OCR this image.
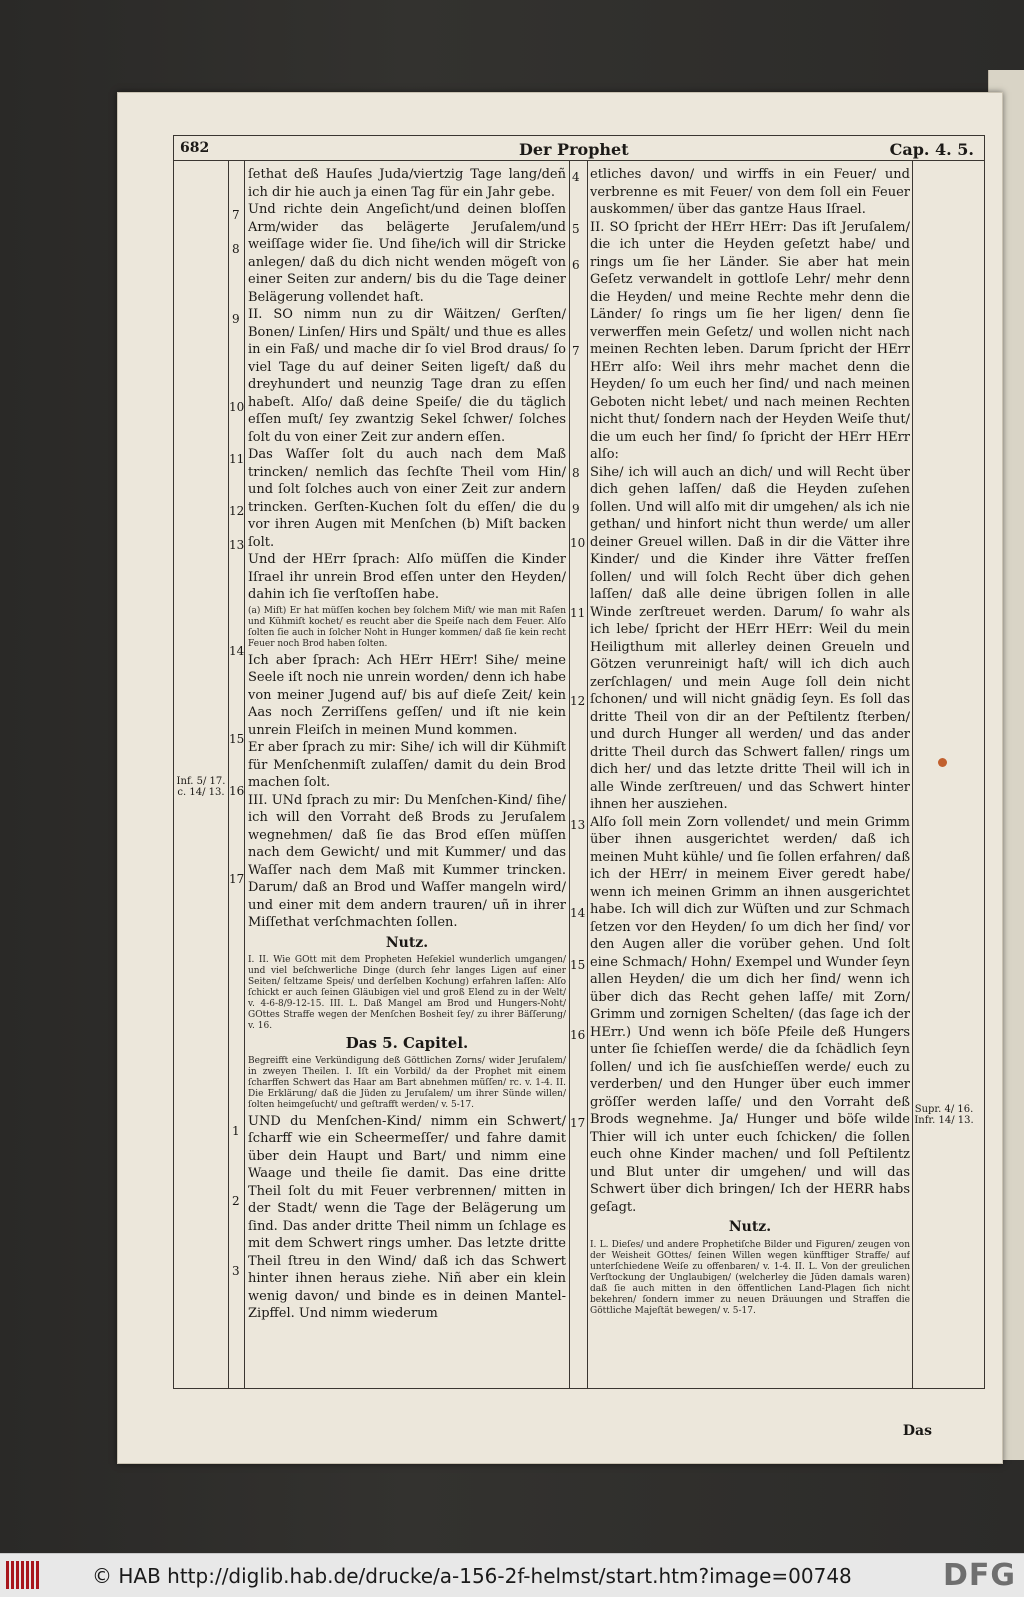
682	Der Prophet	Cap. 4. 5.
Inf. 5/ 17. c. 14/ 13.
Supr. 4/ 16. Infr. 14/ 13.
7
8
9
10
11
12
13
14
15
16
17
1
2
3
4
5
6
7
8
9
10
11
12
13
14
15
16
17

ſethat deß Hauſes Juda/viertzig Tage lang/deñ ich dir hie auch ja einen Tag für ein Jahr gebe.

Und richte dein Angeſicht/und deinen bloſſen Arm/wider das belägerte Jeruſalem/und weiſſage wider ſie. Und ſihe/ich will dir Stricke anlegen/ daß du dich nicht wenden mögeſt von einer Seiten zur andern/ bis du die Tage deiner Belägerung vollendet haſt.

II. SO nimm nun zu dir Wäitzen/ Gerſten/ Bonen/ Linſen/ Hirs und Spält/ und thue es alles in ein Faß/ und mache dir ſo viel Brod draus/ ſo viel Tage du auf deiner Seiten ligeſt/ daß du dreyhundert und neunzig Tage dran zu eſſen habeſt. Alſo/ daß deine Speiſe/ die du täglich eſſen muſt/ ſey zwantzig Sekel ſchwer/ ſolches ſolt du von einer Zeit zur andern eſſen.

Das Waſſer ſolt du auch nach dem Maß trincken/ nemlich das ſechſte Theil vom Hin/ und ſolt ſolches auch von einer Zeit zur andern trincken. Gerſten-Kuchen ſolt du eſſen/ die du vor ihren Augen mit Menſchen (b) Miſt backen ſolt.

Und der HErr ſprach: Alſo müſſen die Kinder Iſrael ihr unrein Brod eſſen unter den Heyden/ dahin ich ſie verſtoſſen habe.

(a) Miſt) Er hat müſſen kochen bey ſolchem Miſt/ wie man mit Raſen und Kühmiſt kochet/ es reucht aber die Speiſe nach dem Feuer. Alſo ſolten ſie auch in ſolcher Noht in Hunger kommen/ daß ſie kein recht Feuer noch Brod haben ſolten.

Ich aber ſprach: Ach HErr HErr! Sihe/ meine Seele iſt noch nie unrein worden/ denn ich habe von meiner Jugend auf/ bis auf dieſe Zeit/ kein Aas noch Zerriſſens geſſen/ und iſt nie kein unrein Fleiſch in meinen Mund kommen.

Er aber ſprach zu mir: Sihe/ ich will dir Kühmiſt für Menſchenmiſt zulaſſen/ damit du dein Brod machen ſolt.

III. UNd ſprach zu mir: Du Menſchen-Kind/ ſihe/ ich will den Vorraht deß Brods zu Jeruſalem wegnehmen/ daß ſie das Brod eſſen müſſen nach dem Gewicht/ und mit Kummer/ und das Waſſer nach dem Maß mit Kummer trincken. Darum/ daß an Brod und Waſſer mangeln wird/ und einer mit dem andern trauren/ uñ in ihrer Miſſethat verſchmachten ſollen.

Nutz.

I. II. Wie GOtt mit dem Propheten Heſekiel wunderlich umgangen/ und viel beſchwerliche Dinge (durch ſehr langes Ligen auf einer Seiten/ ſeltzame Speis/ und derſelben Kochung) erfahren laſſen: Alſo ſchickt er auch ſeinen Gläubigen viel und groß Elend zu in der Welt/ v. 4-6-8/9-12-15. III. L. Daß Mangel am Brod und Hungers-Noht/ GOttes Straffe wegen der Menſchen Bosheit ſey/ zu ihrer Bäſſerung/ v. 16.

Das 5. Capitel.

Begreifft eine Verkündigung deß Göttlichen Zorns/ wider Jeruſalem/ in zweyen Theilen. I. Iſt ein Vorbild/ da der Prophet mit einem ſcharffen Schwert das Haar am Bart abnehmen müſſen/ rc. v. 1-4. II. Die Erklärung/ daß die Jüden zu Jeruſalem/ um ihrer Sünde willen/ ſolten heimgeſucht/ und geſtrafft werden/ v. 5-17.

UND du Menſchen-Kind/ nimm ein Schwert/ ſcharff wie ein Scheermeſſer/ und fahre damit über dein Haupt und Bart/ und nimm eine Waage und theile ſie damit. Das eine dritte Theil ſolt du mit Feuer verbrennen/ mitten in der Stadt/ wenn die Tage der Belägerung um ſind. Das ander dritte Theil nimm un ſchlage es mit dem Schwert rings umher. Das letzte dritte Theil ſtreu in den Wind/ daß ich das Schwert hinter ihnen heraus ziehe. Niñ aber ein klein wenig davon/ und binde es in deinen Mantel-Zipffel. Und nimm wiederum

etliches davon/ und wirffs in ein Feuer/ und verbrenne es mit Feuer/ von dem ſoll ein Feuer auskommen/ über das gantze Haus Iſrael.

II. SO ſpricht der HErr HErr: Das iſt Jeruſalem/ die ich unter die Heyden geſetzt habe/ und rings um ſie her Länder. Sie aber hat mein Geſetz verwandelt in gottloſe Lehr/ mehr denn die Heyden/ und meine Rechte mehr denn die Länder/ ſo rings um ſie her ligen/ denn ſie verwerffen mein Geſetz/ und wollen nicht nach meinen Rechten leben. Darum ſpricht der HErr HErr alſo: Weil ihrs mehr machet denn die Heyden/ ſo um euch her ſind/ und nach meinen Geboten nicht lebet/ und nach meinen Rechten nicht thut/ ſondern nach der Heyden Weiſe thut/ die um euch her ſind/ ſo ſpricht der HErr HErr alſo:

Sihe/ ich will auch an dich/ und will Recht über dich gehen laſſen/ daß die Heyden zuſehen ſollen. Und will alſo mit dir umgehen/ als ich nie gethan/ und hinfort nicht thun werde/ um aller deiner Greuel willen. Daß in dir die Vätter ihre Kinder/ und die Kinder ihre Vätter freſſen ſollen/ und will ſolch Recht über dich gehen laſſen/ daß alle deine übrigen ſollen in alle Winde zerſtreuet werden. Darum/ ſo wahr als ich lebe/ ſpricht der HErr HErr: Weil du mein Heiligthum mit allerley deinen Greueln und Götzen verunreinigt haſt/ will ich dich auch zerſchlagen/ und mein Auge ſoll dein nicht ſchonen/ und will nicht gnädig ſeyn. Es ſoll das dritte Theil von dir an der Peſtilentz ſterben/ und durch Hunger all werden/ und das ander dritte Theil durch das Schwert fallen/ rings um dich her/ und das letzte dritte Theil will ich in alle Winde zerſtreuen/ und das Schwert hinter ihnen her ausziehen.

Alſo ſoll mein Zorn vollendet/ und mein Grimm über ihnen ausgerichtet werden/ daß ich meinen Muht kühle/ und ſie ſollen erfahren/ daß ich der HErr/ in meinem Eiver geredt habe/ wenn ich meinen Grimm an ihnen ausgerichtet habe. Ich will dich zur Wüſten und zur Schmach ſetzen vor den Heyden/ ſo um dich her ſind/ vor den Augen aller die vorüber gehen. Und ſolt eine Schmach/ Hohn/ Exempel und Wunder ſeyn allen Heyden/ die um dich her ſind/ wenn ich über dich das Recht gehen laſſe/ mit Zorn/ Grimm und zornigen Schelten/ (das ſage ich der HErr.) Und wenn ich böſe Pfeile deß Hungers unter ſie ſchieſſen werde/ die da ſchädlich ſeyn ſollen/ und ich ſie ausſchieſſen werde/ euch zu verderben/ und den Hunger über euch immer gröſſer werden laſſe/ und den Vorraht deß Brods wegnehme. Ja/ Hunger und böſe wilde Thier will ich unter euch ſchicken/ die ſollen euch ohne Kinder machen/ und ſoll Peſtilentz und Blut unter dir umgehen/ und will das Schwert über dich bringen/ Ich der HERR habs geſagt.

Nutz.

I. L. Dieſes/ und andere Prophetiſche Bilder und Figuren/ zeugen von der Weisheit GOttes/ ſeinen Willen wegen künfftiger Straffe/ auf unterſchiedene Weiſe zu offenbaren/ v. 1-4. II. L. Von der greulichen Verſtockung der Unglaubigen/ (welcherley die Jüden damals waren) daß ſie auch mitten in den öffentlichen Land-Plagen ſich nicht bekehren/ ſondern immer zu neuen Dräuungen und Straffen die Göttliche Majeſtät bewegen/ v. 5-17.

Das
© HAB http://diglib.hab.de/drucke/a-156-2f-helmst/start.htm?image=00748	DFG
